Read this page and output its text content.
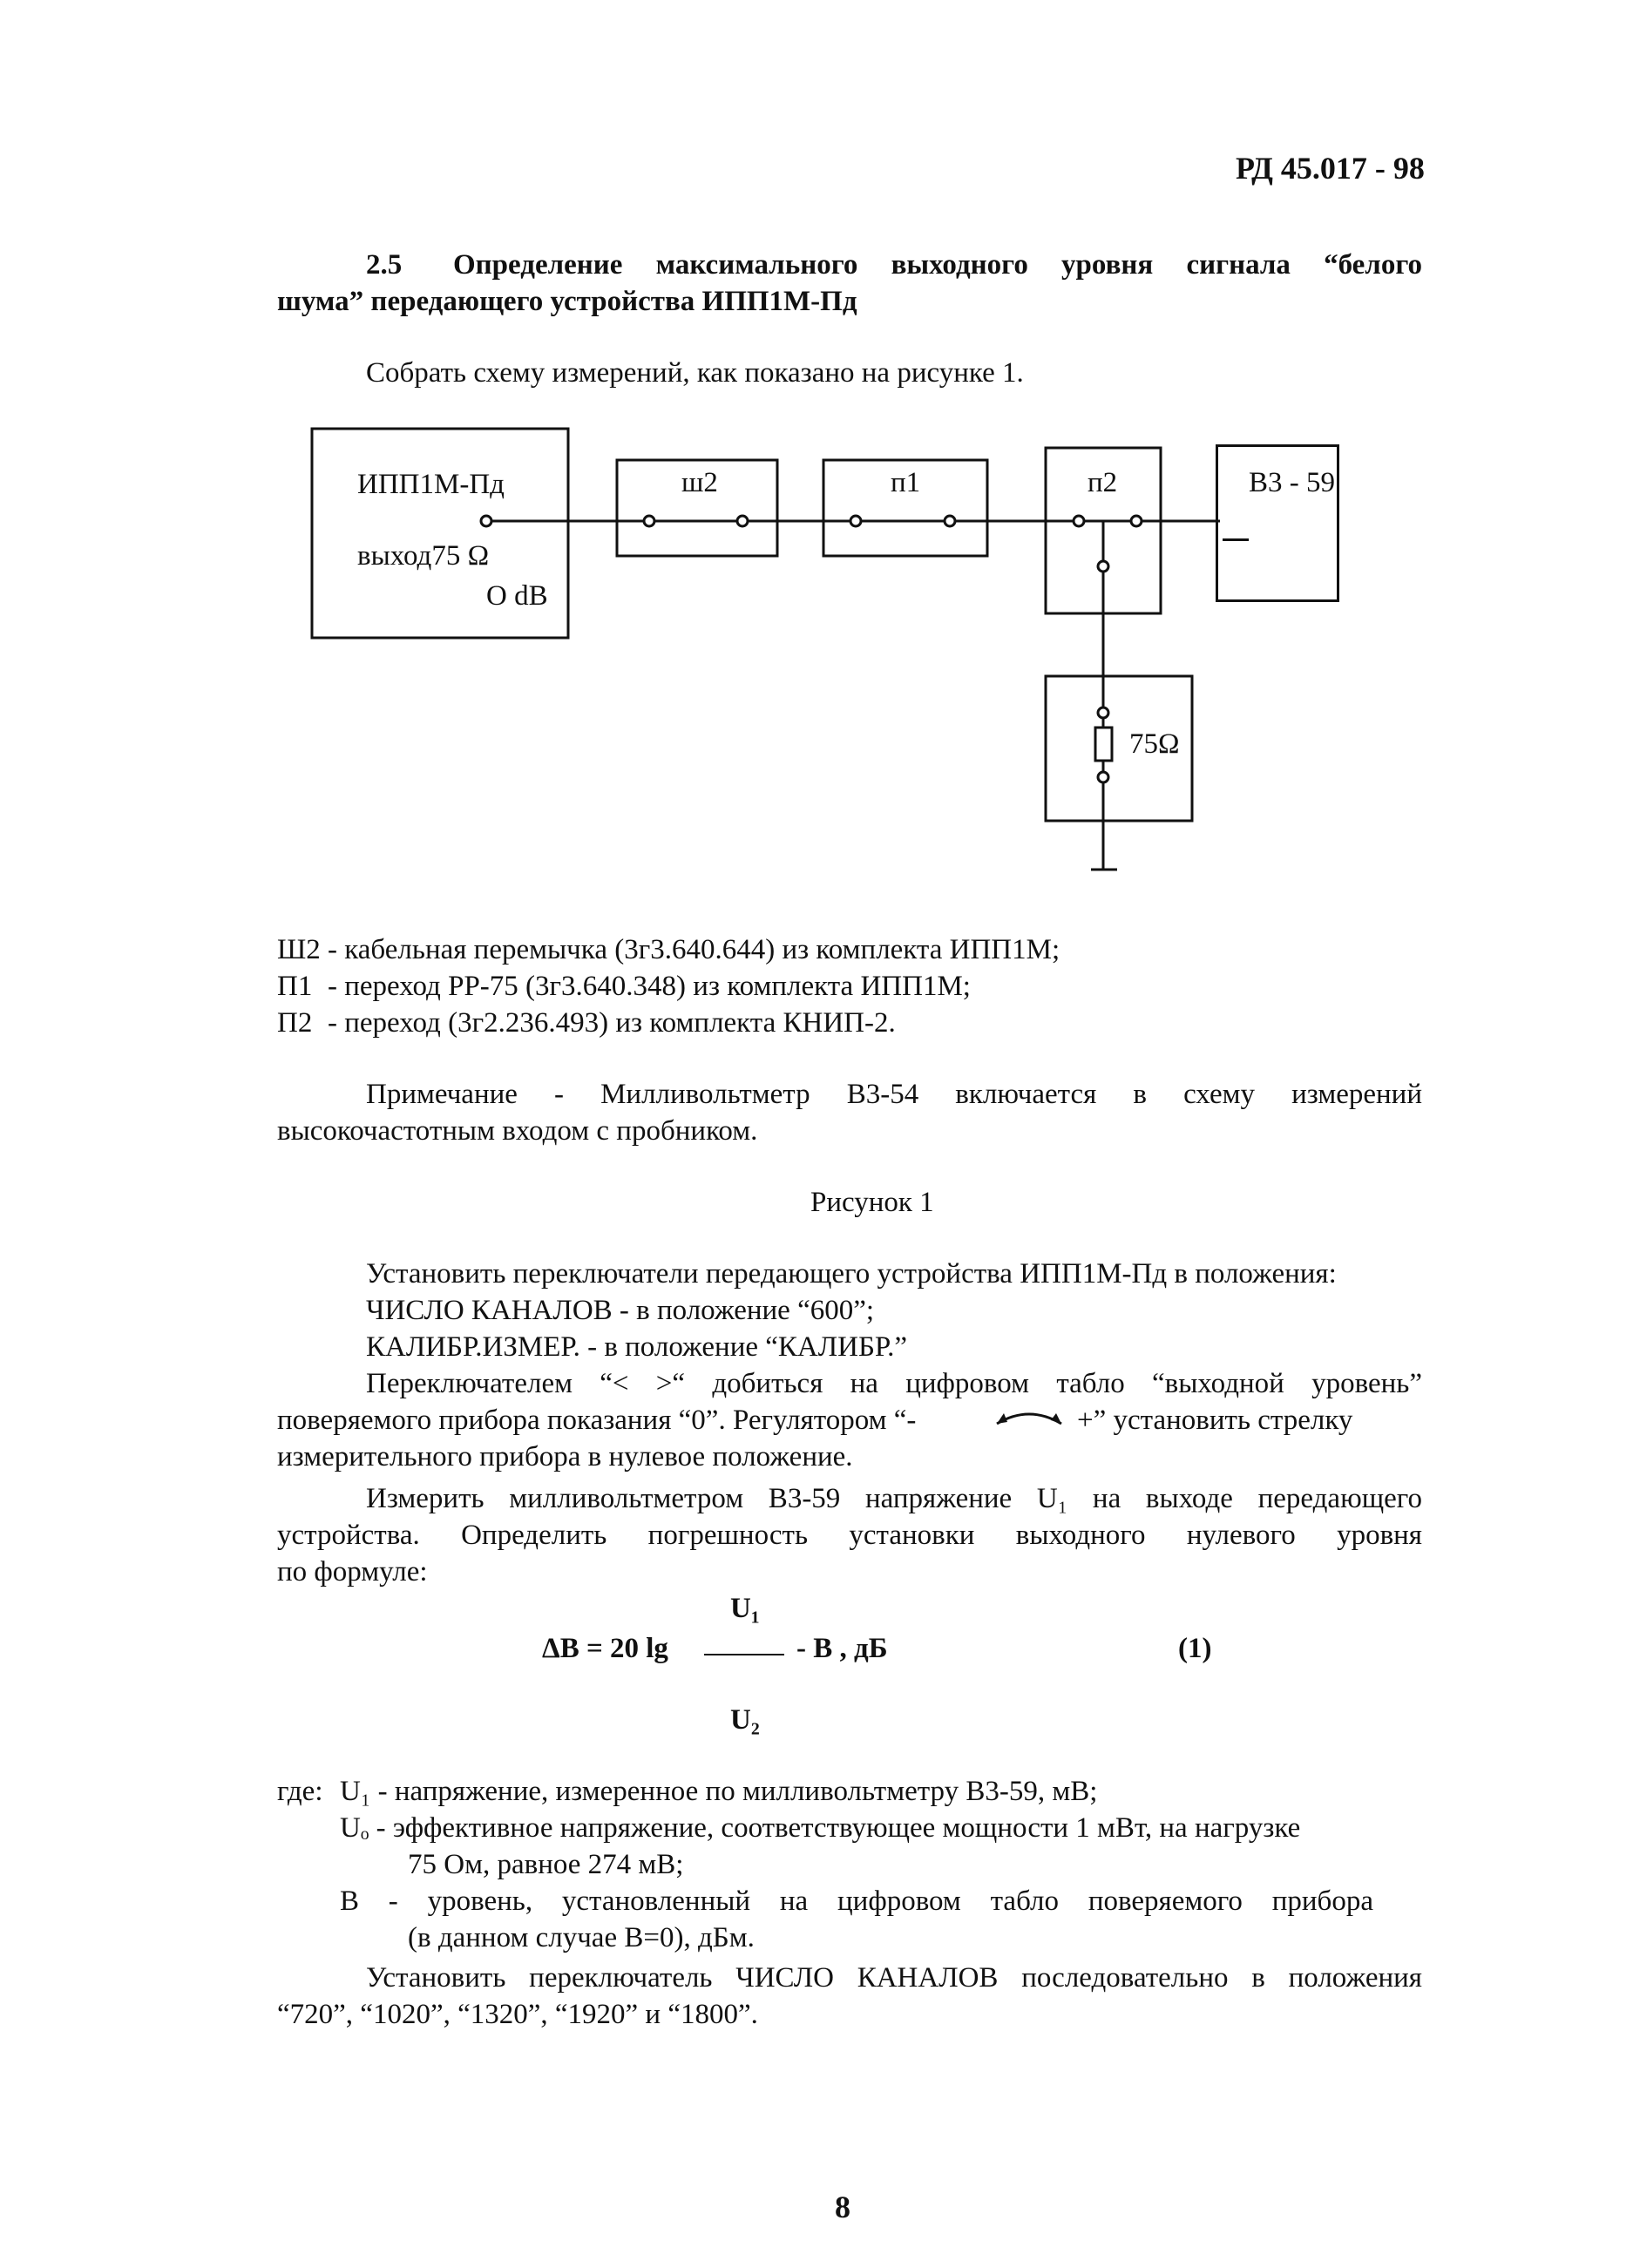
РД 45.017 - 98
2.5 Определение максимального выходного уровня сигнала “белого
шума” передающего устройства ИПП1М-Пд
Собрать схему измерений, как показано на рисунке 1.
ИПП1М-Пд
выход75 Ω
O dB
ш2	п1	п2	B3 - 59
75Ω
Ш2 - кабельная перемычка (3г3.640.644) из комплекта ИПП1М;
П1 - переход РР-75 (3г3.640.348) из комплекта ИПП1М;
П2 - переход (3г2.236.493) из комплекта КНИП-2.
Примечание - Милливольтметр В3-54 включается в схему измерений
высокочастотным входом с пробником.
Рисунок 1
Установить переключатели передающего устройства ИПП1М-Пд в положения:
ЧИСЛО КАНАЛОВ - в положение “600”;
КАЛИБР.ИЗМЕР. - в положение “КАЛИБР.”
Переключателем “< >“ добиться на цифровом табло “выходной уровень”
поверяемого прибора показания “0”. Регулятором “-	+” установить стрелку
измерительного прибора в нулевое положение.
Измерить милливольтметром В3-59 напряжение U₁ на выходе передающего
устройства. Определить погрешность установки выходного нулевого уровня
по формуле:
U₁
ΔB = 20 lg	- B , дБ	(1)
U₂
где: U₁ - напряжение, измеренное по милливольтметру В3-59, мВ;
Uₒ - эффективное напряжение, соответствующее мощности 1 мВт, на нагрузке
75 Ом, равное 274 мВ;
B - уровень, установленный на цифровом табло поверяемого прибора
(в данном случае В=0), дБм.
Установить переключатель ЧИСЛО КАНАЛОВ последовательно в положения
“720”, “1020”, “1320”, “1920” и “1800”.
8
